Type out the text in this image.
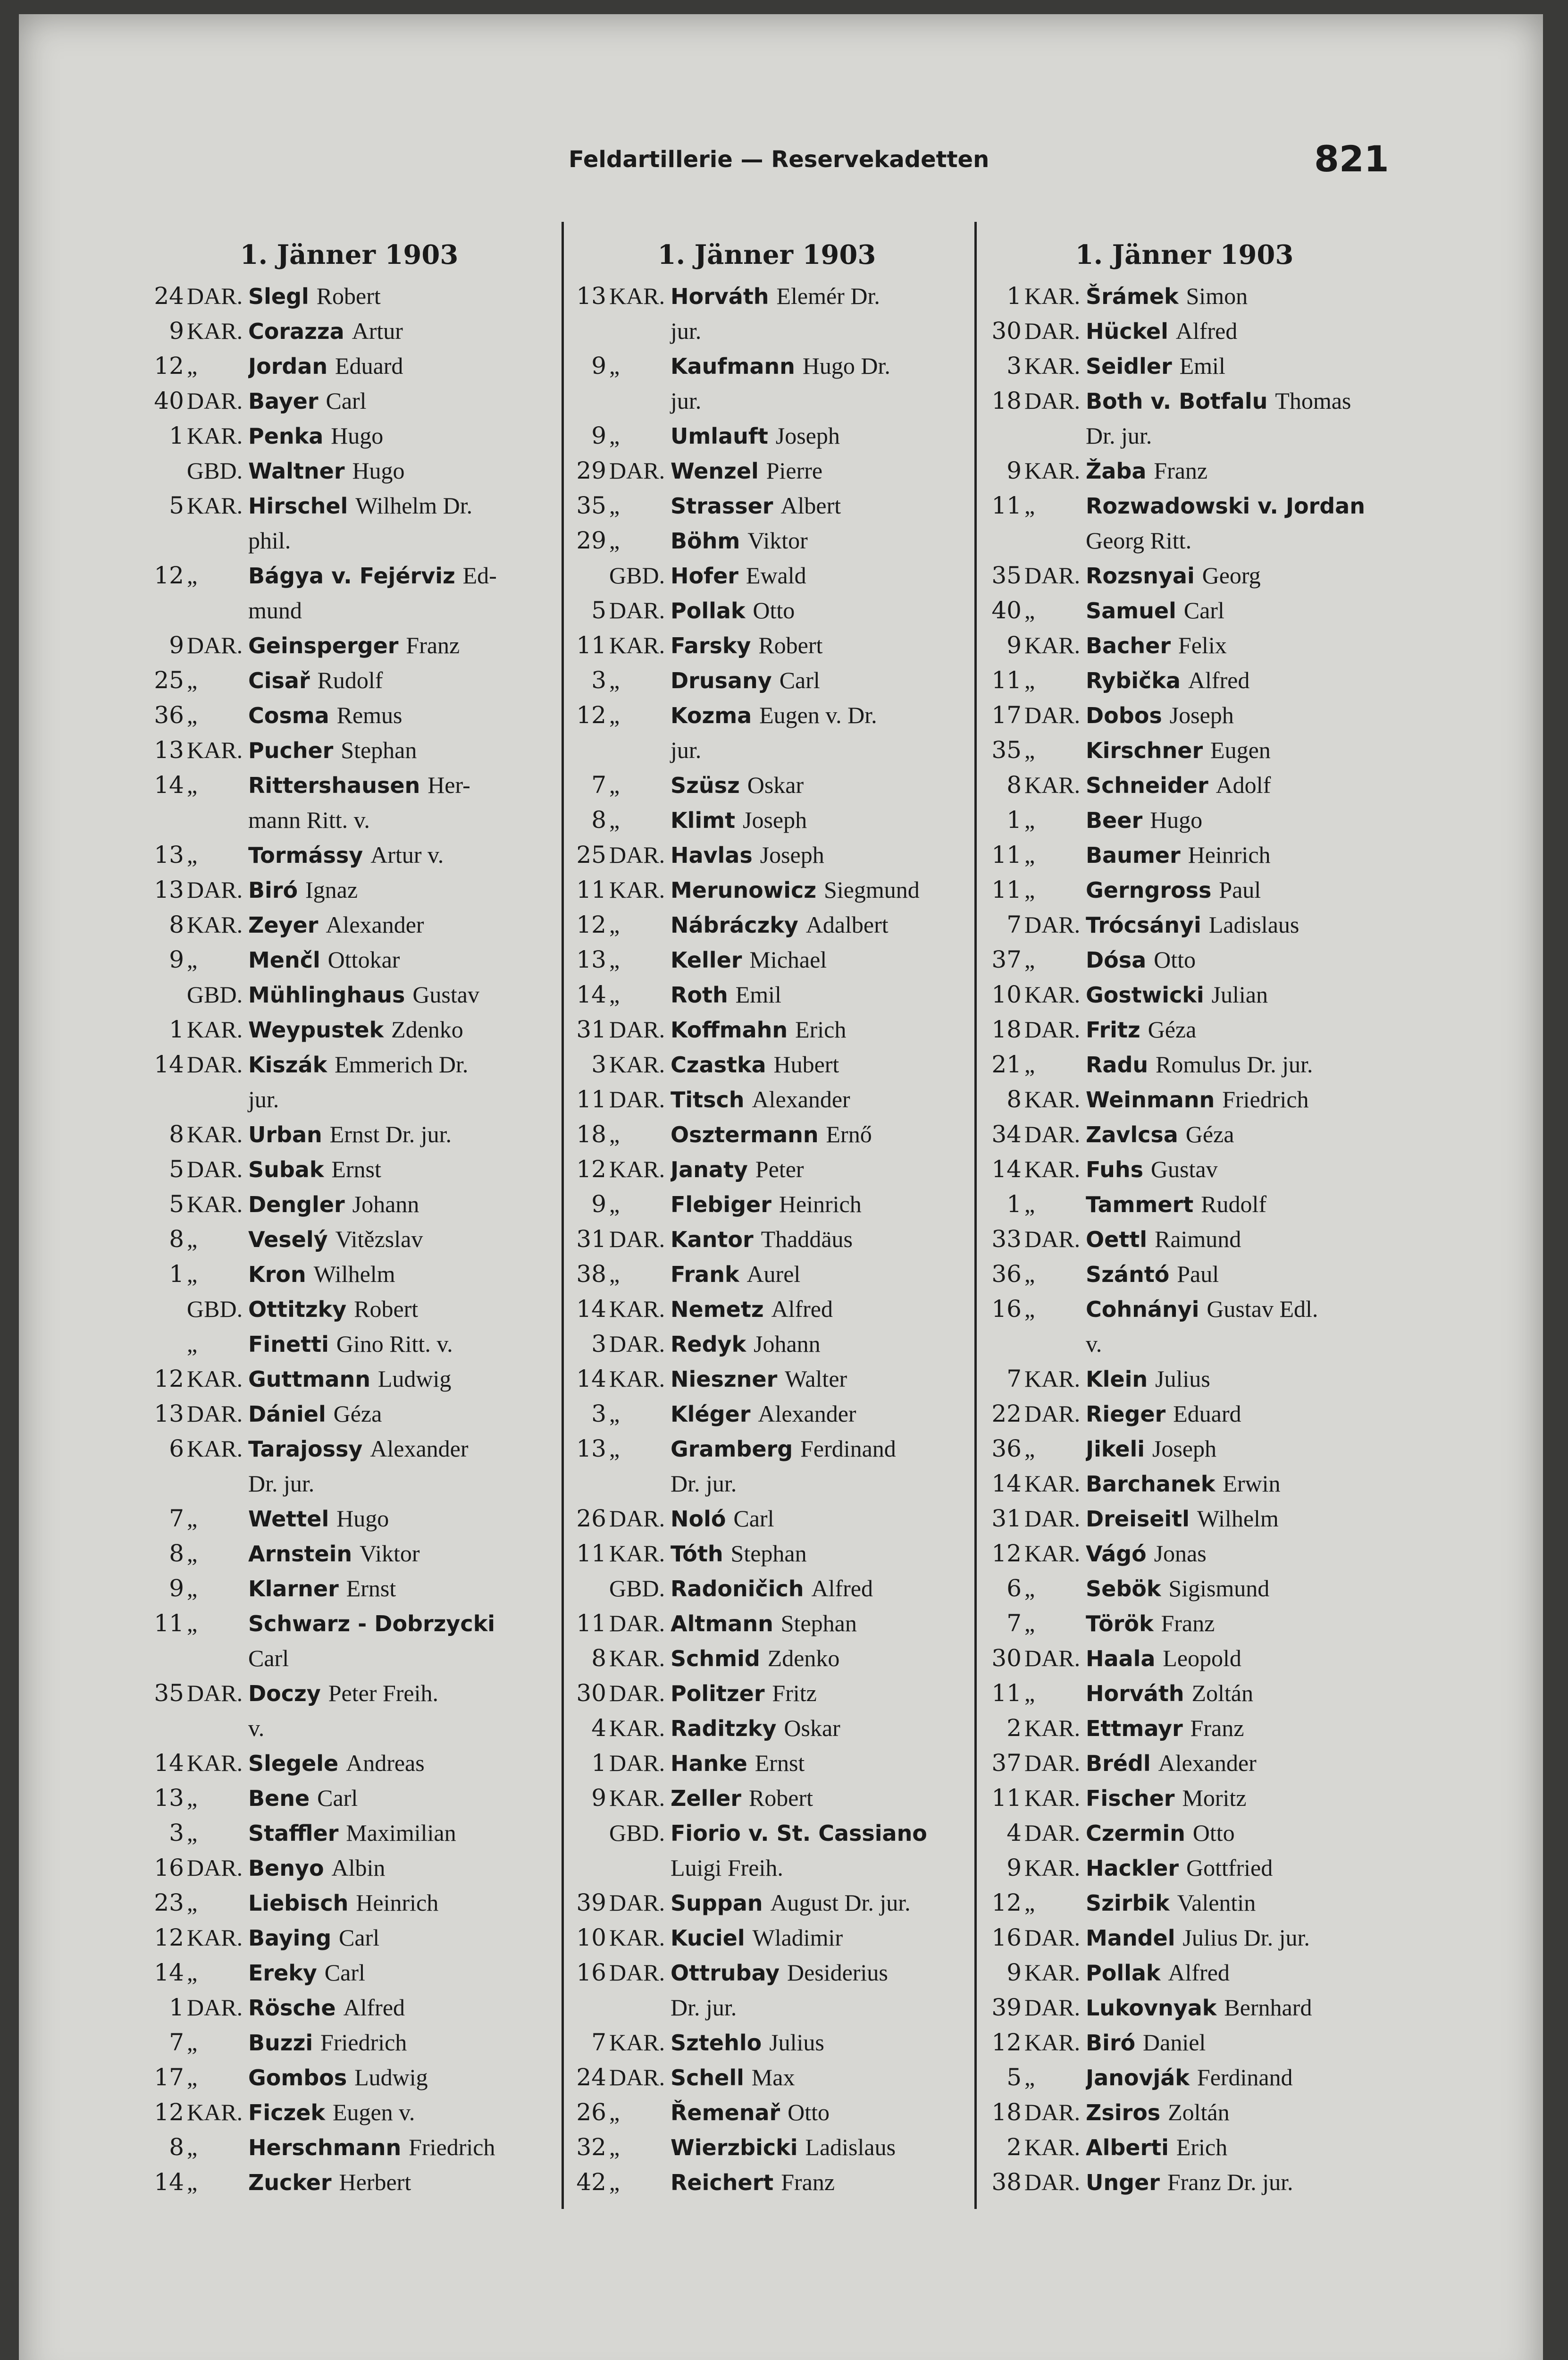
Feldartillerie — Reservekadetten	821
1. Jänner 1903
24 DAR. Slegl Robert
9 KAR. Corazza Artur
12 „	Jordan Eduard
40 DAR. Bayer Carl
1 KAR. Penka Hugo
GBD. Waltner Hugo
5 KAR. Hirschel Wilhelm Dr.
phil.
12 „	Bágya v. Fejérviz Ed-
mund
9 DAR. Geinsperger Franz
25 „	Cisař Rudolf
36 „	Cosma Remus
13 KAR. Pucher Stephan
14 „	Rittershausen Her-
mann Ritt. v.
13 „	Tormássy Artur v.
13 DAR. Biró Ignaz
8 KAR. Zeyer Alexander
9 „	Menčl Ottokar
GBD. Mühlinghaus Gustav
1 KAR. Weypustek Zdenko
14 DAR. Kiszák Emmerich Dr.
jur.
8 KAR. Urban Ernst Dr. jur.
5 DAR. Subak Ernst
5 KAR. Dengler Johann
8 „	Veselý Vitězslav
1 „	Kron Wilhelm
GBD. Ottitzky Robert
„	Finetti Gino Ritt. v.
12 KAR. Guttmann Ludwig
13 DAR. Dániel Géza
6 KAR. Tarajossy Alexander
Dr. jur.
7 „	Wettel Hugo
8 „	Arnstein Viktor
9 „	Klarner Ernst
11 „	Schwarz - Dobrzycki
Carl
35 DAR. Doczy Peter Freih.
v.
14 KAR. Slegele Andreas
13 „	Bene Carl
3 „	Staffler Maximilian
16 DAR. Benyo Albin
23 „	Liebisch Heinrich
12 KAR. Baying Carl
14 „	Ereky Carl
1 DAR. Rösche Alfred
7 „	Buzzi Friedrich
17 „	Gombos Ludwig
12 KAR. Ficzek Eugen v.
8 „	Herschmann Friedrich
14 „	Zucker Herbert
1. Jänner 1903
13 KAR. Horváth Elemér Dr.
jur.
9 „	Kaufmann Hugo Dr.
jur.
9 „	Umlauft Joseph
29 DAR. Wenzel Pierre
35 „	Strasser Albert
29 „	Böhm Viktor
GBD. Hofer Ewald
5 DAR. Pollak Otto
11 KAR. Farsky Robert
3 „	Drusany Carl
12 „	Kozma Eugen v. Dr.
jur.
7 „	Szüsz Oskar
8 „	Klimt Joseph
25 DAR. Havlas Joseph
11 KAR. Merunowicz Siegmund
12 „	Nábráczky Adalbert
13 „	Keller Michael
14 „	Roth Emil
31 DAR. Koffmahn Erich
3 KAR. Czastka Hubert
11 DAR. Titsch Alexander
18 „	Osztermann Ernő
12 KAR. Janaty Peter
9 „	Flebiger Heinrich
31 DAR. Kantor Thaddäus
38 „	Frank Aurel
14 KAR. Nemetz Alfred
3 DAR. Redyk Johann
14 KAR. Nieszner Walter
3 „	Kléger Alexander
13 „	Gramberg Ferdinand
Dr. jur.
26 DAR. Noló Carl
11 KAR. Tóth Stephan
GBD. Radoničich Alfred
11 DAR. Altmann Stephan
8 KAR. Schmid Zdenko
30 DAR. Politzer Fritz
4 KAR. Raditzky Oskar
1 DAR. Hanke Ernst
9 KAR. Zeller Robert
GBD. Fiorio v. St. Cassiano
Luigi Freih.
39 DAR. Suppan August Dr. jur.
10 KAR. Kuciel Wladimir
16 DAR. Ottrubay Desiderius
Dr. jur.
7 KAR. Sztehlo Julius
24 DAR. Schell Max
26 „	Řemenař Otto
32 „	Wierzbicki Ladislaus
42 „	Reichert Franz
1. Jänner 1903
1 KAR. Šrámek Simon
30 DAR. Hückel Alfred
3 KAR. Seidler Emil
18 DAR. Both v. Botfalu Thomas
Dr. jur.
9 KAR. Žaba Franz
11 „	Rozwadowski v. Jordan
Georg Ritt.
35 DAR. Rozsnyai Georg
40 „	Samuel Carl
9 KAR. Bacher Felix
11 „	Rybička Alfred
17 DAR. Dobos Joseph
35 „	Kirschner Eugen
8 KAR. Schneider Adolf
1 „	Beer Hugo
11 „	Baumer Heinrich
11 „	Gerngross Paul
7 DAR. Trócsányi Ladislaus
37 „	Dósa Otto
10 KAR. Gostwicki Julian
18 DAR. Fritz Géza
21 „	Radu Romulus Dr. jur.
8 KAR. Weinmann Friedrich
34 DAR. Zavlcsa Géza
14 KAR. Fuhs Gustav
1 „	Tammert Rudolf
33 DAR. Oettl Raimund
36 „	Szántó Paul
16 „	Cohnányi Gustav Edl.
v.
7 KAR. Klein Julius
22 DAR. Rieger Eduard
36 „	Jikeli Joseph
14 KAR. Barchanek Erwin
31 DAR. Dreiseitl Wilhelm
12 KAR. Vágó Jonas
6 „	Sebök Sigismund
7 „	Török Franz
30 DAR. Haala Leopold
11 „	Horváth Zoltán
2 KAR. Ettmayr Franz
37 DAR. Brédl Alexander
11 KAR. Fischer Moritz
4 DAR. Czermin Otto
9 KAR. Hackler Gottfried
12 „	Szirbik Valentin
16 DAR. Mandel Julius Dr. jur.
9 KAR. Pollak Alfred
39 DAR. Lukovnyak Bernhard
12 KAR. Biró Daniel
5 „	Janovják Ferdinand
18 DAR. Zsiros Zoltán
2 KAR. Alberti Erich
38 DAR. Unger Franz Dr. jur.
